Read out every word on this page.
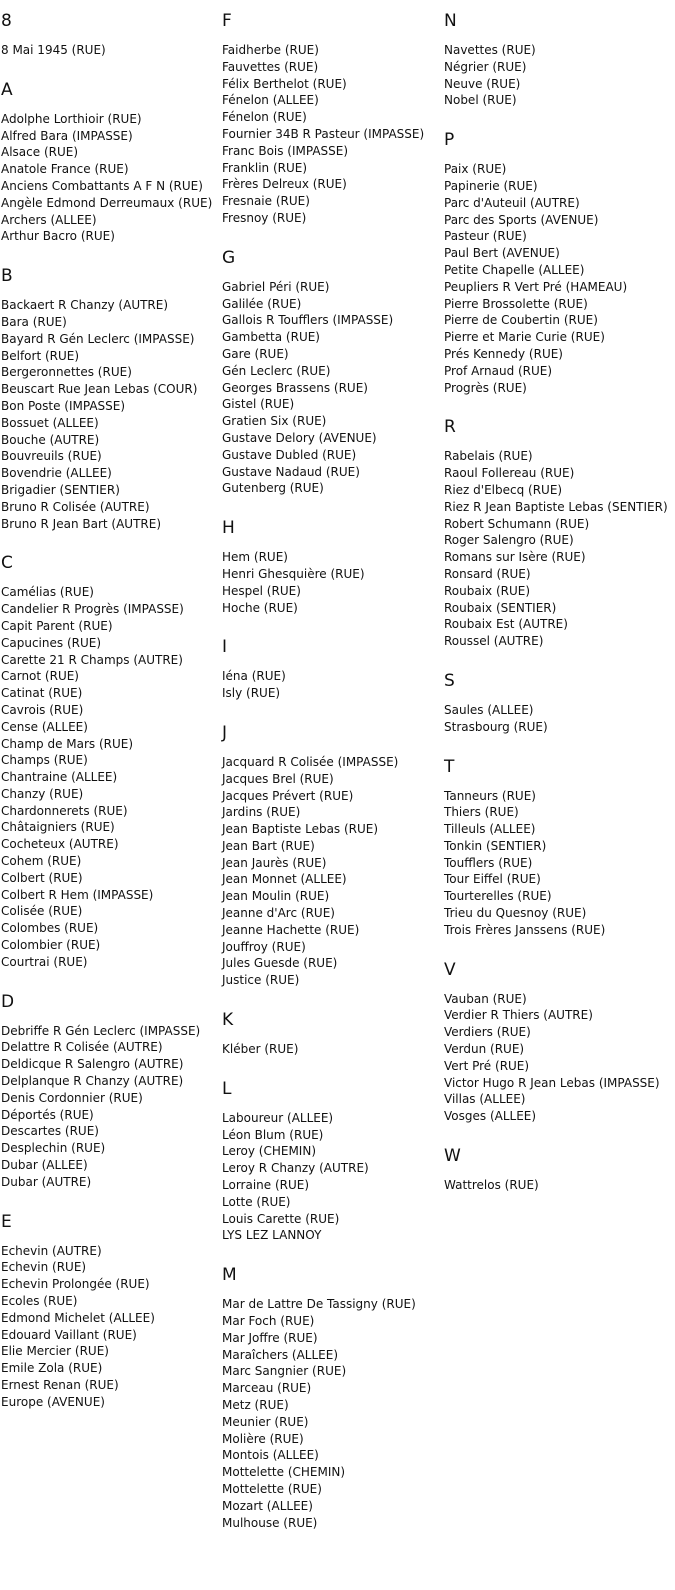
8
8 Mai 1945 (RUE)
A
Adolphe Lorthioir (RUE)
Alfred Bara (IMPASSE)
Alsace (RUE)
Anatole France (RUE)
Anciens Combattants A F N (RUE)
Angèle Edmond Derreumaux (RUE)
Archers (ALLEE)
Arthur Bacro (RUE)
B
Backaert R Chanzy (AUTRE)
Bara (RUE)
Bayard R Gén Leclerc (IMPASSE)
Belfort (RUE)
Bergeronnettes (RUE)
Beuscart Rue Jean Lebas (COUR)
Bon Poste (IMPASSE)
Bossuet (ALLEE)
Bouche (AUTRE)
Bouvreuils (RUE)
Bovendrie (ALLEE)
Brigadier (SENTIER)
Bruno R Colisée (AUTRE)
Bruno R Jean Bart (AUTRE)
C
Camélias (RUE)
Candelier R Progrès (IMPASSE)
Capit Parent (RUE)
Capucines (RUE)
Carette 21 R Champs (AUTRE)
Carnot (RUE)
Catinat (RUE)
Cavrois (RUE)
Cense (ALLEE)
Champ de Mars (RUE)
Champs (RUE)
Chantraine (ALLEE)
Chanzy (RUE)
Chardonnerets (RUE)
Châtaigniers (RUE)
Cocheteux (AUTRE)
Cohem (RUE)
Colbert (RUE)
Colbert R Hem (IMPASSE)
Colisée (RUE)
Colombes (RUE)
Colombier (RUE)
Courtrai (RUE)
D
Debriffe R Gén Leclerc (IMPASSE)
Delattre R Colisée (AUTRE)
Deldicque R Salengro (AUTRE)
Delplanque R Chanzy (AUTRE)
Denis Cordonnier (RUE)
Déportés (RUE)
Descartes (RUE)
Desplechin (RUE)
Dubar (ALLEE)
Dubar (AUTRE)
E
Echevin (AUTRE)
Echevin (RUE)
Echevin Prolongée (RUE)
Ecoles (RUE)
Edmond Michelet (ALLEE)
Edouard Vaillant (RUE)
Elie Mercier (RUE)
Emile Zola (RUE)
Ernest Renan (RUE)
Europe (AVENUE)
F
Faidherbe (RUE)
Fauvettes (RUE)
Félix Berthelot (RUE)
Fénelon (ALLEE)
Fénelon (RUE)
Fournier 34B R Pasteur (IMPASSE)
Franc Bois (IMPASSE)
Franklin (RUE)
Frères Delreux (RUE)
Fresnaie (RUE)
Fresnoy (RUE)
G
Gabriel Péri (RUE)
Galilée (RUE)
Gallois R Toufflers (IMPASSE)
Gambetta (RUE)
Gare (RUE)
Gén Leclerc (RUE)
Georges Brassens (RUE)
Gistel (RUE)
Gratien Six (RUE)
Gustave Delory (AVENUE)
Gustave Dubled (RUE)
Gustave Nadaud (RUE)
Gutenberg (RUE)
H
Hem (RUE)
Henri Ghesquière (RUE)
Hespel (RUE)
Hoche (RUE)
I
Iéna (RUE)
Isly (RUE)
J
Jacquard R Colisée (IMPASSE)
Jacques Brel (RUE)
Jacques Prévert (RUE)
Jardins (RUE)
Jean Baptiste Lebas (RUE)
Jean Bart (RUE)
Jean Jaurès (RUE)
Jean Monnet (ALLEE)
Jean Moulin (RUE)
Jeanne d'Arc (RUE)
Jeanne Hachette (RUE)
Jouffroy (RUE)
Jules Guesde (RUE)
Justice (RUE)
K
Kléber (RUE)
L
Laboureur (ALLEE)
Léon Blum (RUE)
Leroy (CHEMIN)
Leroy R Chanzy (AUTRE)
Lorraine (RUE)
Lotte (RUE)
Louis Carette (RUE)
LYS LEZ LANNOY
M
Mar de Lattre De Tassigny (RUE)
Mar Foch (RUE)
Mar Joffre (RUE)
Maraîchers (ALLEE)
Marc Sangnier (RUE)
Marceau (RUE)
Metz (RUE)
Meunier (RUE)
Molière (RUE)
Montois (ALLEE)
Mottelette (CHEMIN)
Mottelette (RUE)
Mozart (ALLEE)
Mulhouse (RUE)
N
Navettes (RUE)
Négrier (RUE)
Neuve (RUE)
Nobel (RUE)
P
Paix (RUE)
Papinerie (RUE)
Parc d'Auteuil (AUTRE)
Parc des Sports (AVENUE)
Pasteur (RUE)
Paul Bert (AVENUE)
Petite Chapelle (ALLEE)
Peupliers R Vert Pré (HAMEAU)
Pierre Brossolette (RUE)
Pierre de Coubertin (RUE)
Pierre et Marie Curie (RUE)
Prés Kennedy (RUE)
Prof Arnaud (RUE)
Progrès (RUE)
R
Rabelais (RUE)
Raoul Follereau (RUE)
Riez d'Elbecq (RUE)
Riez R Jean Baptiste Lebas (SENTIER)
Robert Schumann (RUE)
Roger Salengro (RUE)
Romans sur Isère (RUE)
Ronsard (RUE)
Roubaix (RUE)
Roubaix (SENTIER)
Roubaix Est (AUTRE)
Roussel (AUTRE)
S
Saules (ALLEE)
Strasbourg (RUE)
T
Tanneurs (RUE)
Thiers (RUE)
Tilleuls (ALLEE)
Tonkin (SENTIER)
Toufflers (RUE)
Tour Eiffel (RUE)
Tourterelles (RUE)
Trieu du Quesnoy (RUE)
Trois Frères Janssens (RUE)
V
Vauban (RUE)
Verdier R Thiers (AUTRE)
Verdiers (RUE)
Verdun (RUE)
Vert Pré (RUE)
Victor Hugo R Jean Lebas (IMPASSE)
Villas (ALLEE)
Vosges (ALLEE)
W
Wattrelos (RUE)
